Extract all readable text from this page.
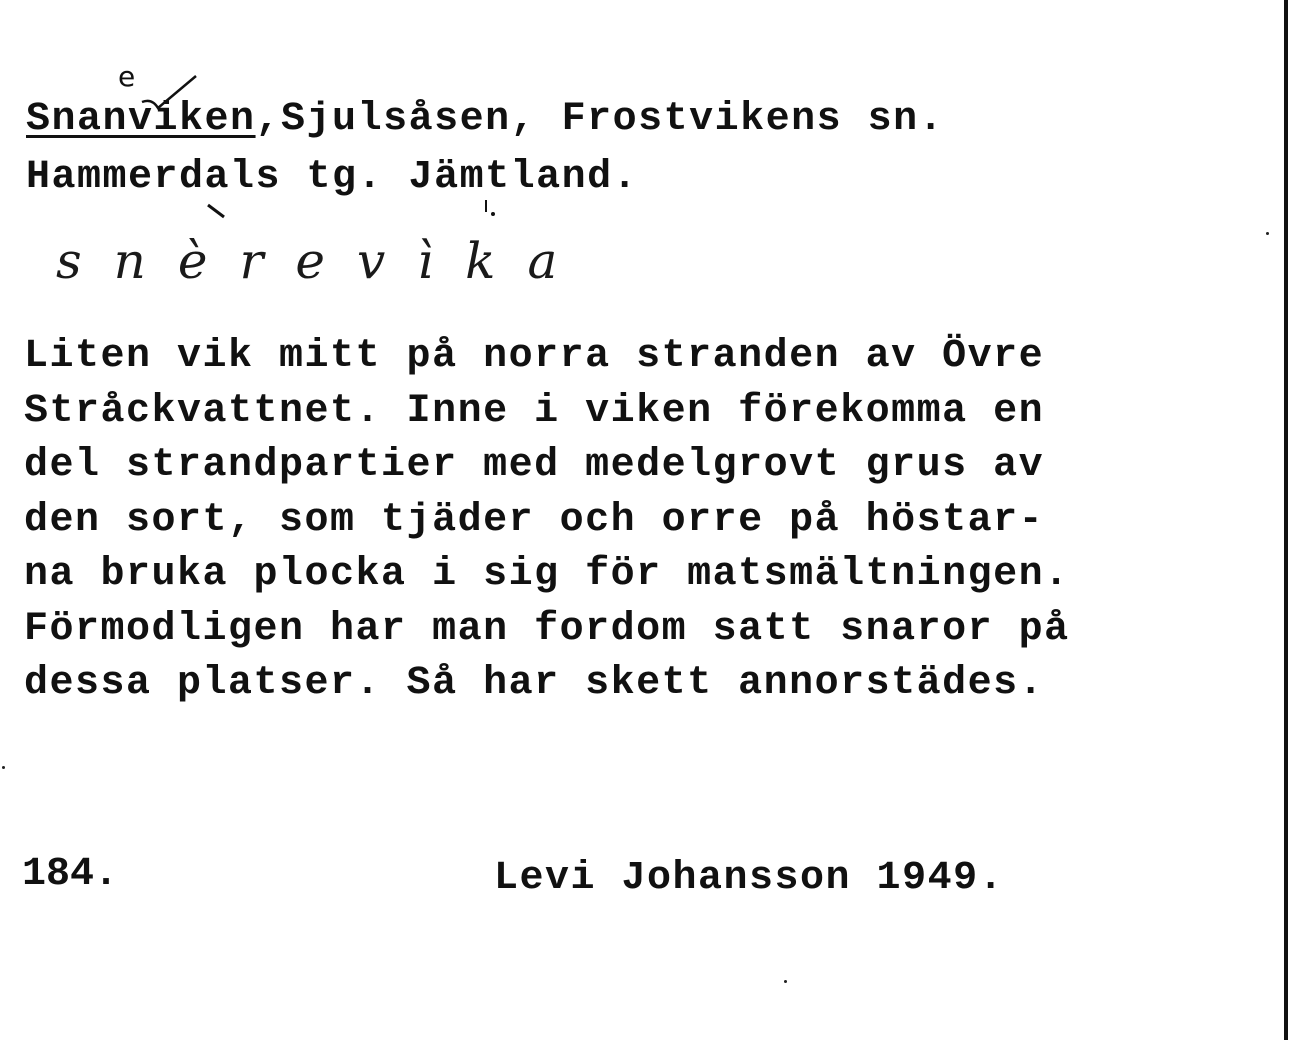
e
Snanviken,Sjulsåsen, Frostvikens sn.
Hammerdals tg. Jämtland.
snèrevìka
Liten vik mitt på norra stranden av Övre
Stråckvattnet. Inne i viken förekomma en
del strandpartier med medelgrovt grus av
den sort, som tjäder och orre på höstar-
na bruka plocka i sig för matsmältningen.
Förmodligen har man fordom satt snaror på
dessa platser. Så har skett annorstädes.
184.	Levi Johansson 1949.
